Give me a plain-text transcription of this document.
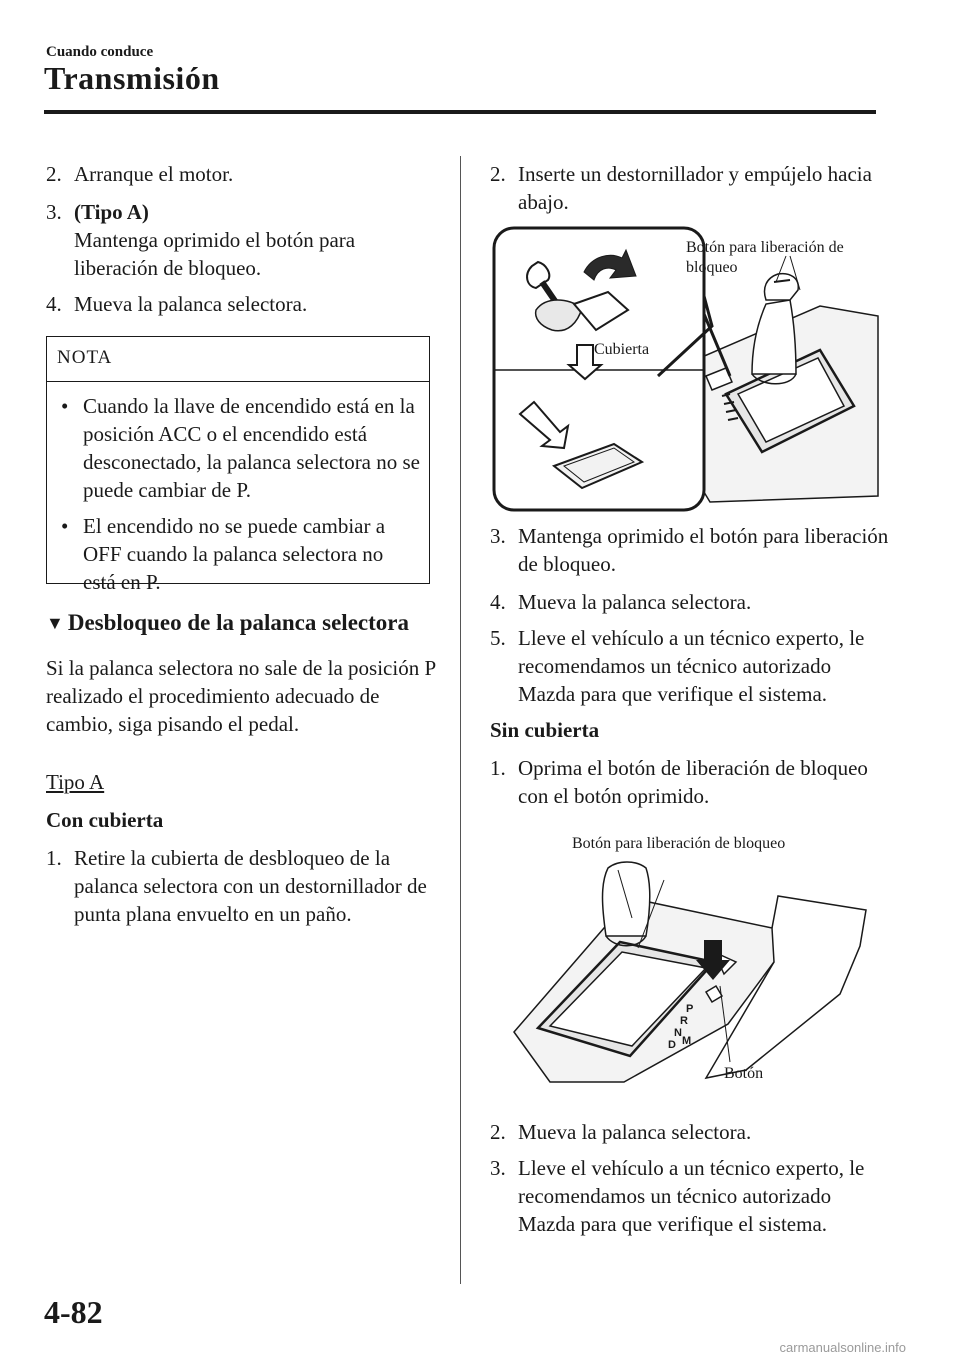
Cuando conduce
Transmisión
2. Arranque el motor.
3. (Tipo A)
Mantenga oprimido el botón para liberación de bloqueo.
4. Mueva la palanca selectora.
NOTA
• Cuando la llave de encendido está en la posición ACC o el encendido está desconectado, la palanca selectora no se puede cambiar de P.
• El encendido no se puede cambiar a OFF cuando la palanca selectora no está en P.
▼ Desbloqueo de la palanca selectora
Si la palanca selectora no sale de la posición P realizado el procedimiento adecuado de cambio, siga pisando el pedal.
Tipo A
Con cubierta
1. Retire la cubierta de desbloqueo de la palanca selectora con un destornillador de punta plana envuelto en un paño.
2. Inserte un destornillador y empújelo hacia abajo.
Botón para liberación de bloqueo
Cubierta
3. Mantenga oprimido el botón para liberación de bloqueo.
4. Mueva la palanca selectora.
5. Lleve el vehículo a un técnico experto, le recomendamos un técnico autorizado Mazda para que verifique el sistema.
Sin cubierta
1. Oprima el botón de liberación de bloqueo con el botón oprimido.
P
R
N
D M
Botón para liberación de bloqueo
Botón
2. Mueva la palanca selectora.
3. Lleve el vehículo a un técnico experto, le recomendamos un técnico autorizado Mazda para que verifique el sistema.
4-82
carmanualsonline.info
